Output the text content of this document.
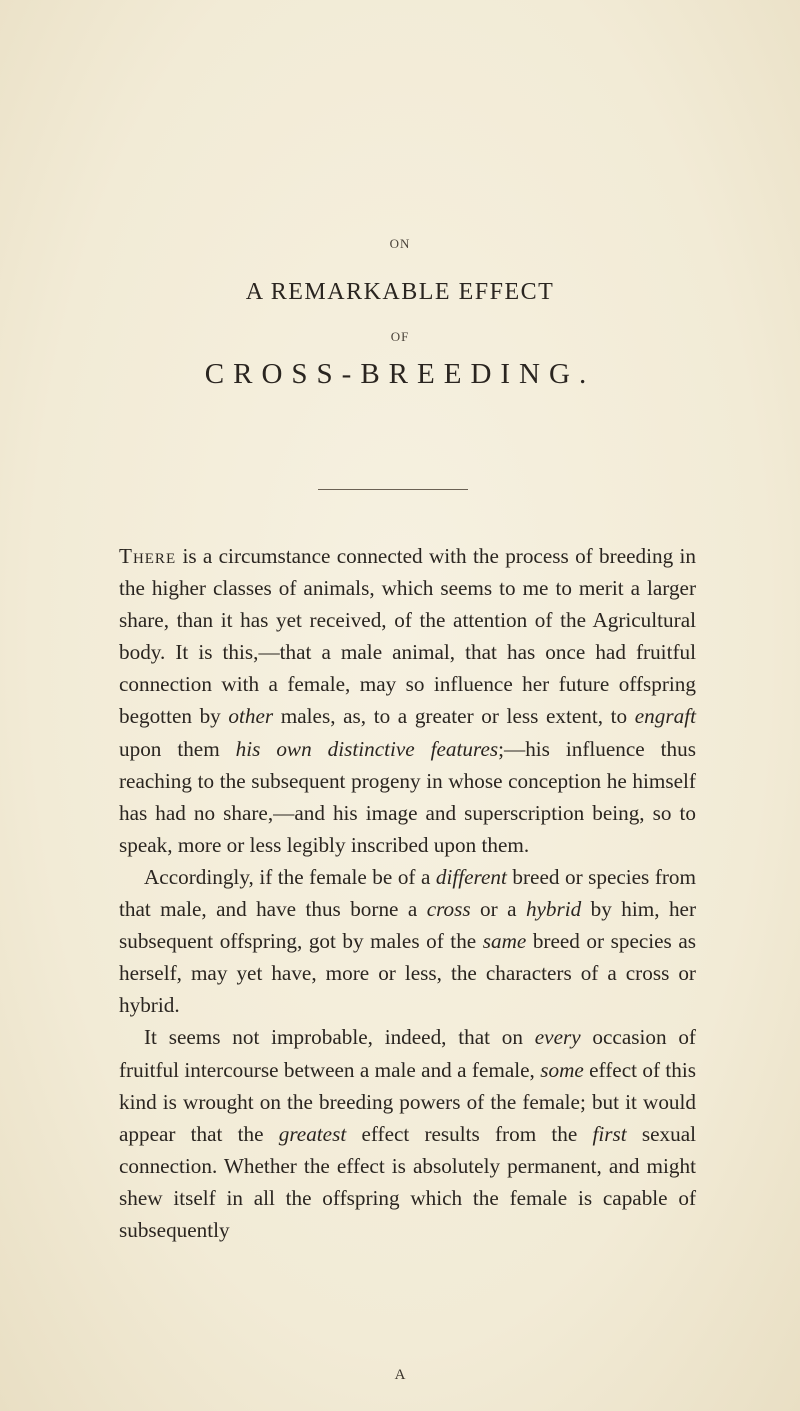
ON
A REMARKABLE EFFECT
OF
CROSS-BREEDING.

There is a circumstance connected with the process of breeding in the higher classes of animals, which seems to me to merit a larger share, than it has yet received, of the attention of the Agricultural body. It is this,—that a male animal, that has once had fruitful connection with a female, may so influence her future offspring begotten by other males, as, to a greater or less extent, to engraft upon them his own distinctive features;—his influence thus reaching to the subsequent progeny in whose conception he himself has had no share,—and his image and superscription being, so to speak, more or less legibly inscribed upon them.

Accordingly, if the female be of a different breed or species from that male, and have thus borne a cross or a hybrid by him, her subsequent offspring, got by males of the same breed or species as herself, may yet have, more or less, the characters of a cross or hybrid.

It seems not improbable, indeed, that on every occasion of fruitful intercourse between a male and a female, some effect of this kind is wrought on the breeding powers of the female; but it would appear that the greatest effect results from the first sexual connection. Whether the effect is absolutely permanent, and might shew itself in all the offspring which the female is capable of subsequently

A
